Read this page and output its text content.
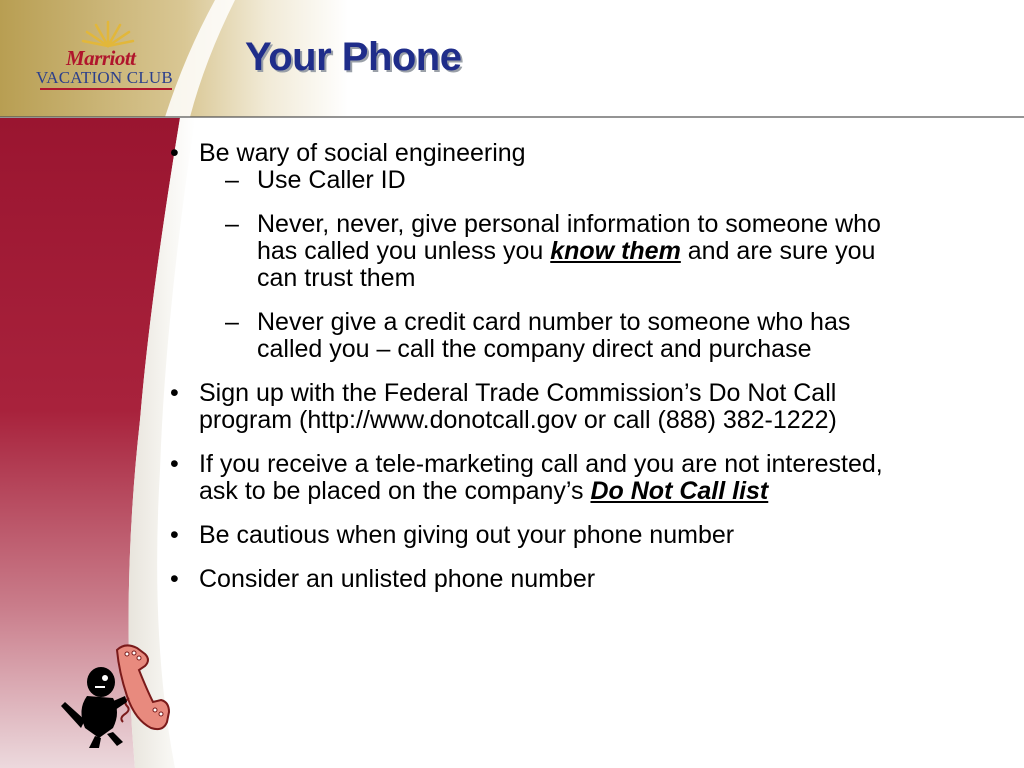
Marriott
VACATION CLUB Your Phone
• Be wary of social engineering
– Use Caller ID
– Never, never, give personal information to someone who has called you unless you know them and are sure you can trust them
– Never give a credit card number to someone who has called you – call the company direct and purchase
• Sign up with the Federal Trade Commission’s Do Not Call program (http://www.donotcall.gov or call (888) 382-1222)
• If you receive a tele-marketing call and you are not interested, ask to be placed on the company’s Do Not Call list
• Be cautious when giving out your phone number
• Consider an unlisted phone number
